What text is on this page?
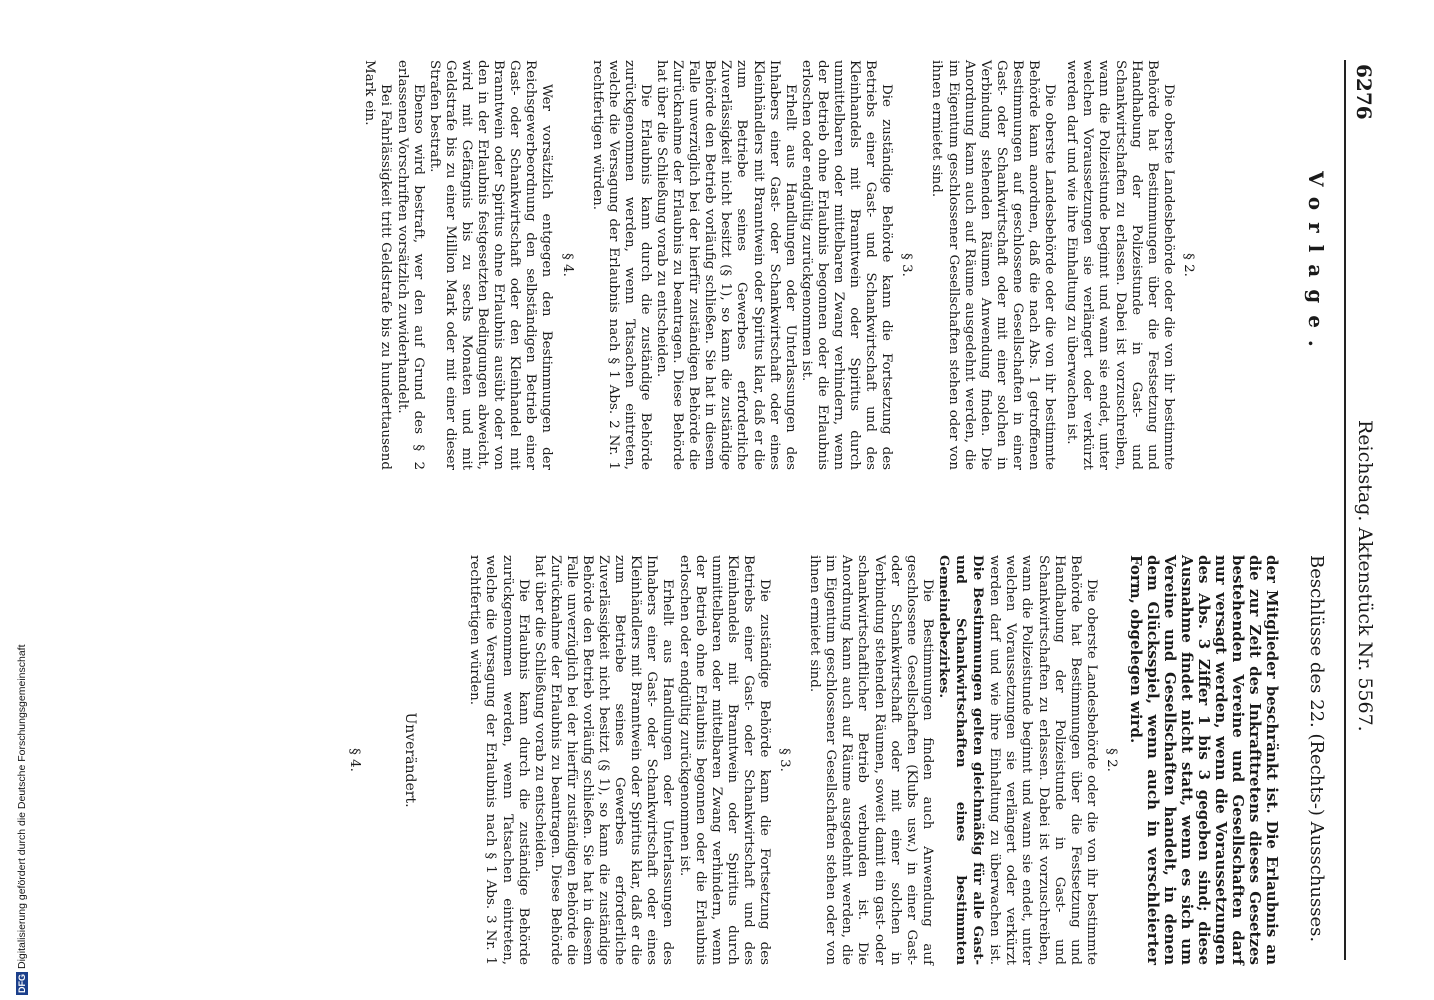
6276
Reichstag. Aktenstück Nr. 5567.
Vorlage.
§ 2.

Die oberste Landesbehörde oder die von ihr bestimmte Behörde hat Bestimmungen über die Festsetzung und Handhabung der Polizeistunde in Gast- und Schankwirtschaften zu erlassen. Dabei ist vorzuschreiben, wann die Polizeistunde beginnt und wann sie endet, unter welchen Voraussetzungen sie verlängert oder verkürzt werden darf und wie ihre Einhaltung zu überwachen ist.

Die oberste Landesbehörde oder die von ihr bestimmte Behörde kann anordnen, daß die nach Abs. 1 getroffenen Bestimmungen auf geschlossene Gesellschaften in einer Gast- oder Schankwirtschaft oder mit einer solchen in Verbindung stehenden Räumen Anwendung finden. Die Anordnung kann auch auf Räume ausgedehnt werden, die im Eigentum geschlossener Gesellschaften stehen oder von ihnen ermietet sind.

§ 3.

Die zuständige Behörde kann die Fortsetzung des Betriebs einer Gast- und Schankwirtschaft und des Kleinhandels mit Branntwein oder Spiritus durch unmittelbaren oder mittelbaren Zwang verhindern, wenn der Betrieb ohne Erlaubnis begonnen oder die Erlaubnis erloschen oder endgültig zurückgenommen ist.

Erhellt aus Handlungen oder Unterlassungen des Inhabers einer Gast- oder Schankwirtschaft oder eines Kleinhändlers mit Branntwein oder Spiritus klar, daß er die zum Betriebe seines Gewerbes erforderliche Zuverlässigkeit nicht besitzt (§ 1), so kann die zuständige Behörde den Betrieb vorläufig schließen. Sie hat in diesem Falle unverzüglich bei der hierfür zuständigen Behörde die Zurücknahme der Erlaubnis zu beantragen. Diese Behörde hat über die Schließung vorab zu entscheiden.

Die Erlaubnis kann durch die zuständige Behörde zurückgenommen werden, wenn Tatsachen eintreten, welche die Versagung der Erlaubnis nach § 1 Abs. 2 Nr. 1 rechtfertigen würden.

§ 4.

Wer vorsätzlich entgegen den Bestimmungen der Reichsgewerbeordnung den selbständigen Betrieb einer Gast- oder Schankwirtschaft oder den Kleinhandel mit Branntwein oder Spiritus ohne Erlaubnis ausübt oder von den in der Erlaubnis festgesetzten Bedingungen abweicht, wird mit Gefängnis bis zu sechs Monaten und mit Geldstrafe bis zu einer Million Mark oder mit einer dieser Strafen bestraft.

Ebenso wird bestraft, wer den auf Grund des § 2 erlassenen Vorschriften vorsätzlich zuwiderhandelt.

Bei Fahrlässigkeit tritt Geldstrafe bis zu hunderttausend Mark ein.

Beschlüsse des 22. (Rechts-) Ausschusses.

der Mitglieder beschränkt ist. Die Erlaubnis an die zur Zeit des Inkrafttretens dieses Gesetzes bestehenden Vereine und Gesellschaften darf nur versagt werden, wenn die Voraussetzungen des Abs. 3 Ziffer 1 bis 3 gegeben sind; diese Ausnahme findet nicht statt, wenn es sich um Vereine und Gesellschaften handelt, in denen dem Glücksspiel, wenn auch in verschleierter Form, obgelegen wird.

§ 2.

Die oberste Landesbehörde oder die von ihr bestimmte Behörde hat Bestimmungen über die Festsetzung und Handhabung der Polizeistunde in Gast- und Schankwirtschaften zu erlassen. Dabei ist vorzuschreiben, wann die Polizeistunde beginnt und wann sie endet, unter welchen Voraussetzungen sie verlängert oder verkürzt werden darf und wie ihre Einhaltung zu überwachen ist. Die Bestimmungen gelten gleichmäßig für alle Gast- und Schankwirtschaften eines bestimmten Gemeindebezirkes.

Die Bestimmungen finden auch Anwendung auf geschlossene Gesellschaften (Klubs usw.) in einer Gast- oder Schankwirtschaft oder mit einer solchen in Verbindung stehenden Räumen, soweit damit ein gast- oder schankwirtschaftlicher Betrieb verbunden ist. Die Anordnung kann auch auf Räume ausgedehnt werden, die im Eigentum geschlossener Gesellschaften stehen oder von ihnen ermietet sind.

§ 3.

Die zuständige Behörde kann die Fortsetzung des Betriebs einer Gast- oder Schankwirtschaft und des Kleinhandels mit Branntwein oder Spiritus durch unmittelbaren oder mittelbaren Zwang verhindern, wenn der Betrieb ohne Erlaubnis begonnen oder die Erlaubnis erloschen oder endgültig zurückgenommen ist.

Erhellt aus Handlungen oder Unterlassungen des Inhabers einer Gast- oder Schankwirtschaft oder eines Kleinhändlers mit Branntwein oder Spiritus klar, daß er die zum Betriebe seines Gewerbes erforderliche Zuverlässigkeit nicht besitzt (§ 1), so kann die zuständige Behörde den Betrieb vorläufig schließen. Sie hat in diesem Falle unverzüglich bei der hierfür zuständigen Behörde die Zurücknahme der Erlaubnis zu beantragen. Diese Behörde hat über die Schließung vorab zu entscheiden.

Die Erlaubnis kann durch die zuständige Behörde zurückgenommen werden, wenn Tatsachen eintreten, welche die Versagung der Erlaubnis nach § 1 Abs. 3 Nr. 1 rechtfertigen würden.

Unverändert.
§ 4.
DFGDigitalisierung gefördert durch die Deutsche Forschungsgemeinschaft
